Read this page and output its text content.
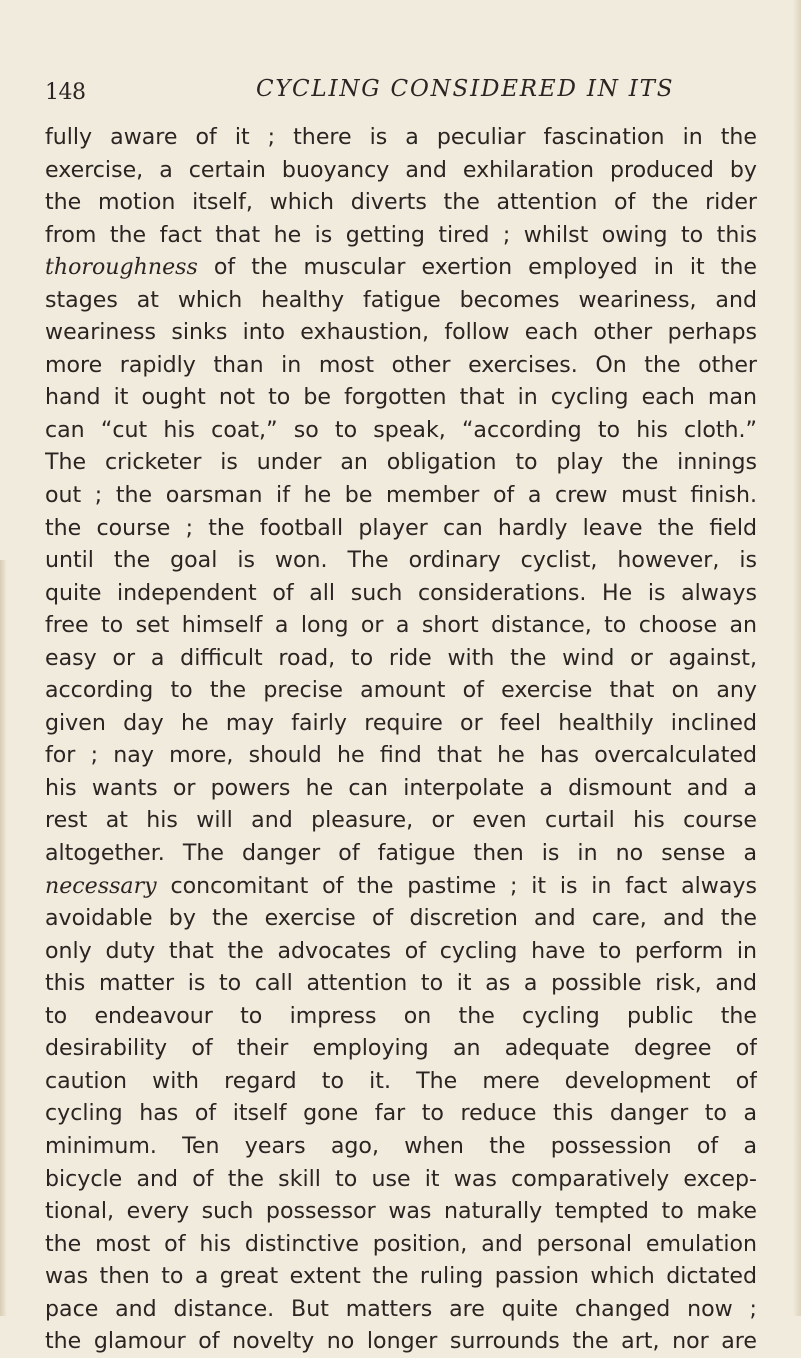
148	CYCLING CONSIDERED IN ITS
fully aware of it ; there is a peculiar fascination in the
exercise, a certain buoyancy and exhilaration produced by
the motion itself, which diverts the attention of the rider
from the fact that he is getting tired ; whilst owing to this
thoroughness of the muscular exertion employed in it the
stages at which healthy fatigue becomes weariness, and
weariness sinks into exhaustion, follow each other perhaps
more rapidly than in most other exercises. On the other
hand it ought not to be forgotten that in cycling each man
can “cut his coat,” so to speak, “according to his cloth.”
The cricketer is under an obligation to play the innings
out ; the oarsman if he be member of a crew must finish.
the course ; the football player can hardly leave the field
until the goal is won. The ordinary cyclist, however, is
quite independent of all such considerations. He is always
free to set himself a long or a short distance, to choose an
easy or a difficult road, to ride with the wind or against,
according to the precise amount of exercise that on any
given day he may fairly require or feel healthily inclined
for ; nay more, should he find that he has overcalculated
his wants or powers he can interpolate a dismount and a
rest at his will and pleasure, or even curtail his course
altogether. The danger of fatigue then is in no sense a
necessary concomitant of the pastime ; it is in fact always
avoidable by the exercise of discretion and care, and the
only duty that the advocates of cycling have to perform in
this matter is to call attention to it as a possible risk, and
to endeavour to impress on the cycling public the
desirability of their employing an adequate degree of
caution with regard to it. The mere development of
cycling has of itself gone far to reduce this danger to a
minimum. Ten years ago, when the possession of a
bicycle and of the skill to use it was comparatively excep-
tional, every such possessor was naturally tempted to make
the most of his distinctive position, and personal emulation
was then to a great extent the ruling passion which dictated
pace and distance. But matters are quite changed now ;
the glamour of novelty no longer surrounds the art, nor are
